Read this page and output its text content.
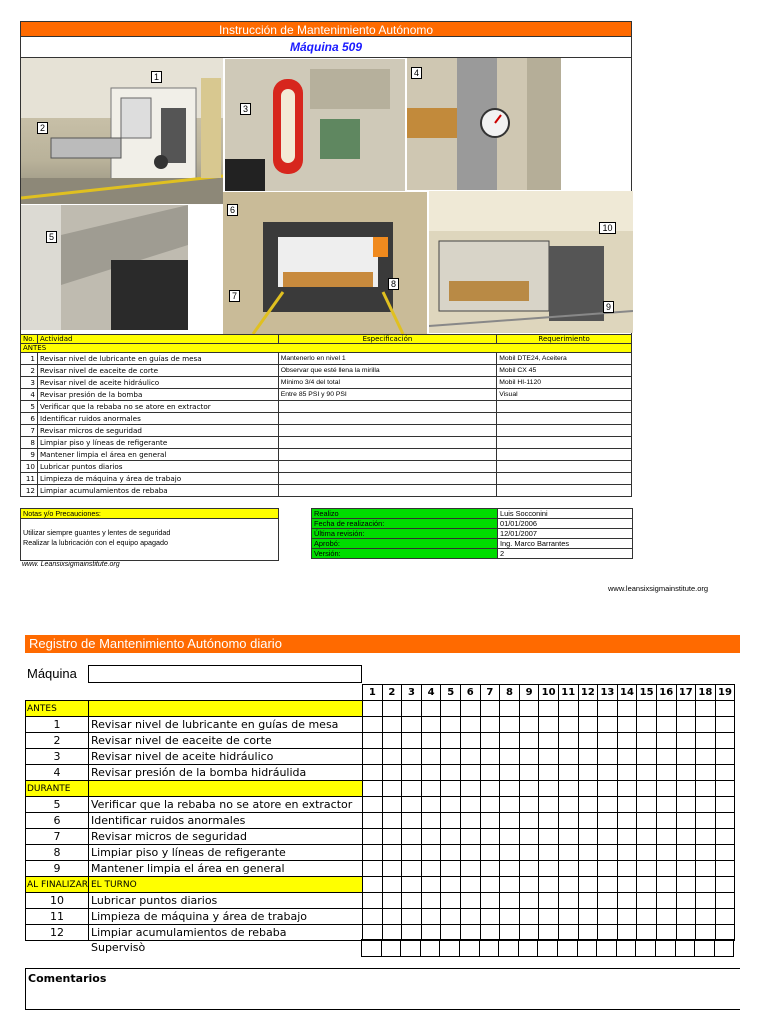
Instrucción de Mantenimiento Autónomo
Máquina 509
1
2
3
4
5
6
7
8
10
9
No.	Actividad	Especificación	Requerimiento
ANTES			
1	Revisar nivel de lubricante en guías de mesa	Mantenerlo en nivel 1	Mobil DTE24, Aceitera
2	Revisar nivel de eaceite de corte	Observar que esté llena la mirilla	Mobil CX 45
3	Revisar nivel de aceite hidráulico	Mínimo 3/4 del total	Mobil HI-1120
4	Revisar presión de la bomba	Entre 85 PSI y 90 PSI	Visual
5	Verificar que la rebaba no se atore en extractor		
6	Identificar ruidos anormales		
7	Revisar micros de seguridad		
8	Limpiar piso y líneas de refigerante		
9	Mantener limpia el área en general		
10	Lubricar puntos diarios		
11	Limpieza de máquina y área de trabajo		
12	Limpiar acumulamientos de rebaba		
Notas y/o Precauciones:
Utilizar siempre guantes y lentes de seguridad
Realizar la lubricación con el equipo apagado
www. Leansixsigmainstitute.org
Realizo	Luis Socconini
Fecha de realización:	01/01/2006
Última revisión:	12/01/2007
Aprobó:	Ing. Marco Barrantes
Versión:	2
www.leansixsigmainstitute.org
Registro de Mantenimiento Autónomo diario
Máquina
		1	2	3	4	5	6	7	8	9	10	11	12	13	14	15	16	17	18	19
ANTES																				
1	Revisar nivel de lubricante en guías de mesa																			
2	Revisar nivel de eaceite de corte																			
3	Revisar nivel de aceite hidráulico																			
4	Revisar presión de la bomba hidráulida																			
DURANTE																				
5	Verificar que la rebaba no se atore en extractor																			
6	Identificar ruidos anormales																			
7	Revisar micros de seguridad																			
8	Limpiar piso y líneas de refigerante																			
9	Mantener limpia el área en general																			
AL FINALIZAR	EL TURNO																			
10	Lubricar puntos diarios																			
11	Limpieza de máquina y área de trabajo																			
12	Limpiar acumulamientos de rebaba																			
Supervisò

Comentarios
